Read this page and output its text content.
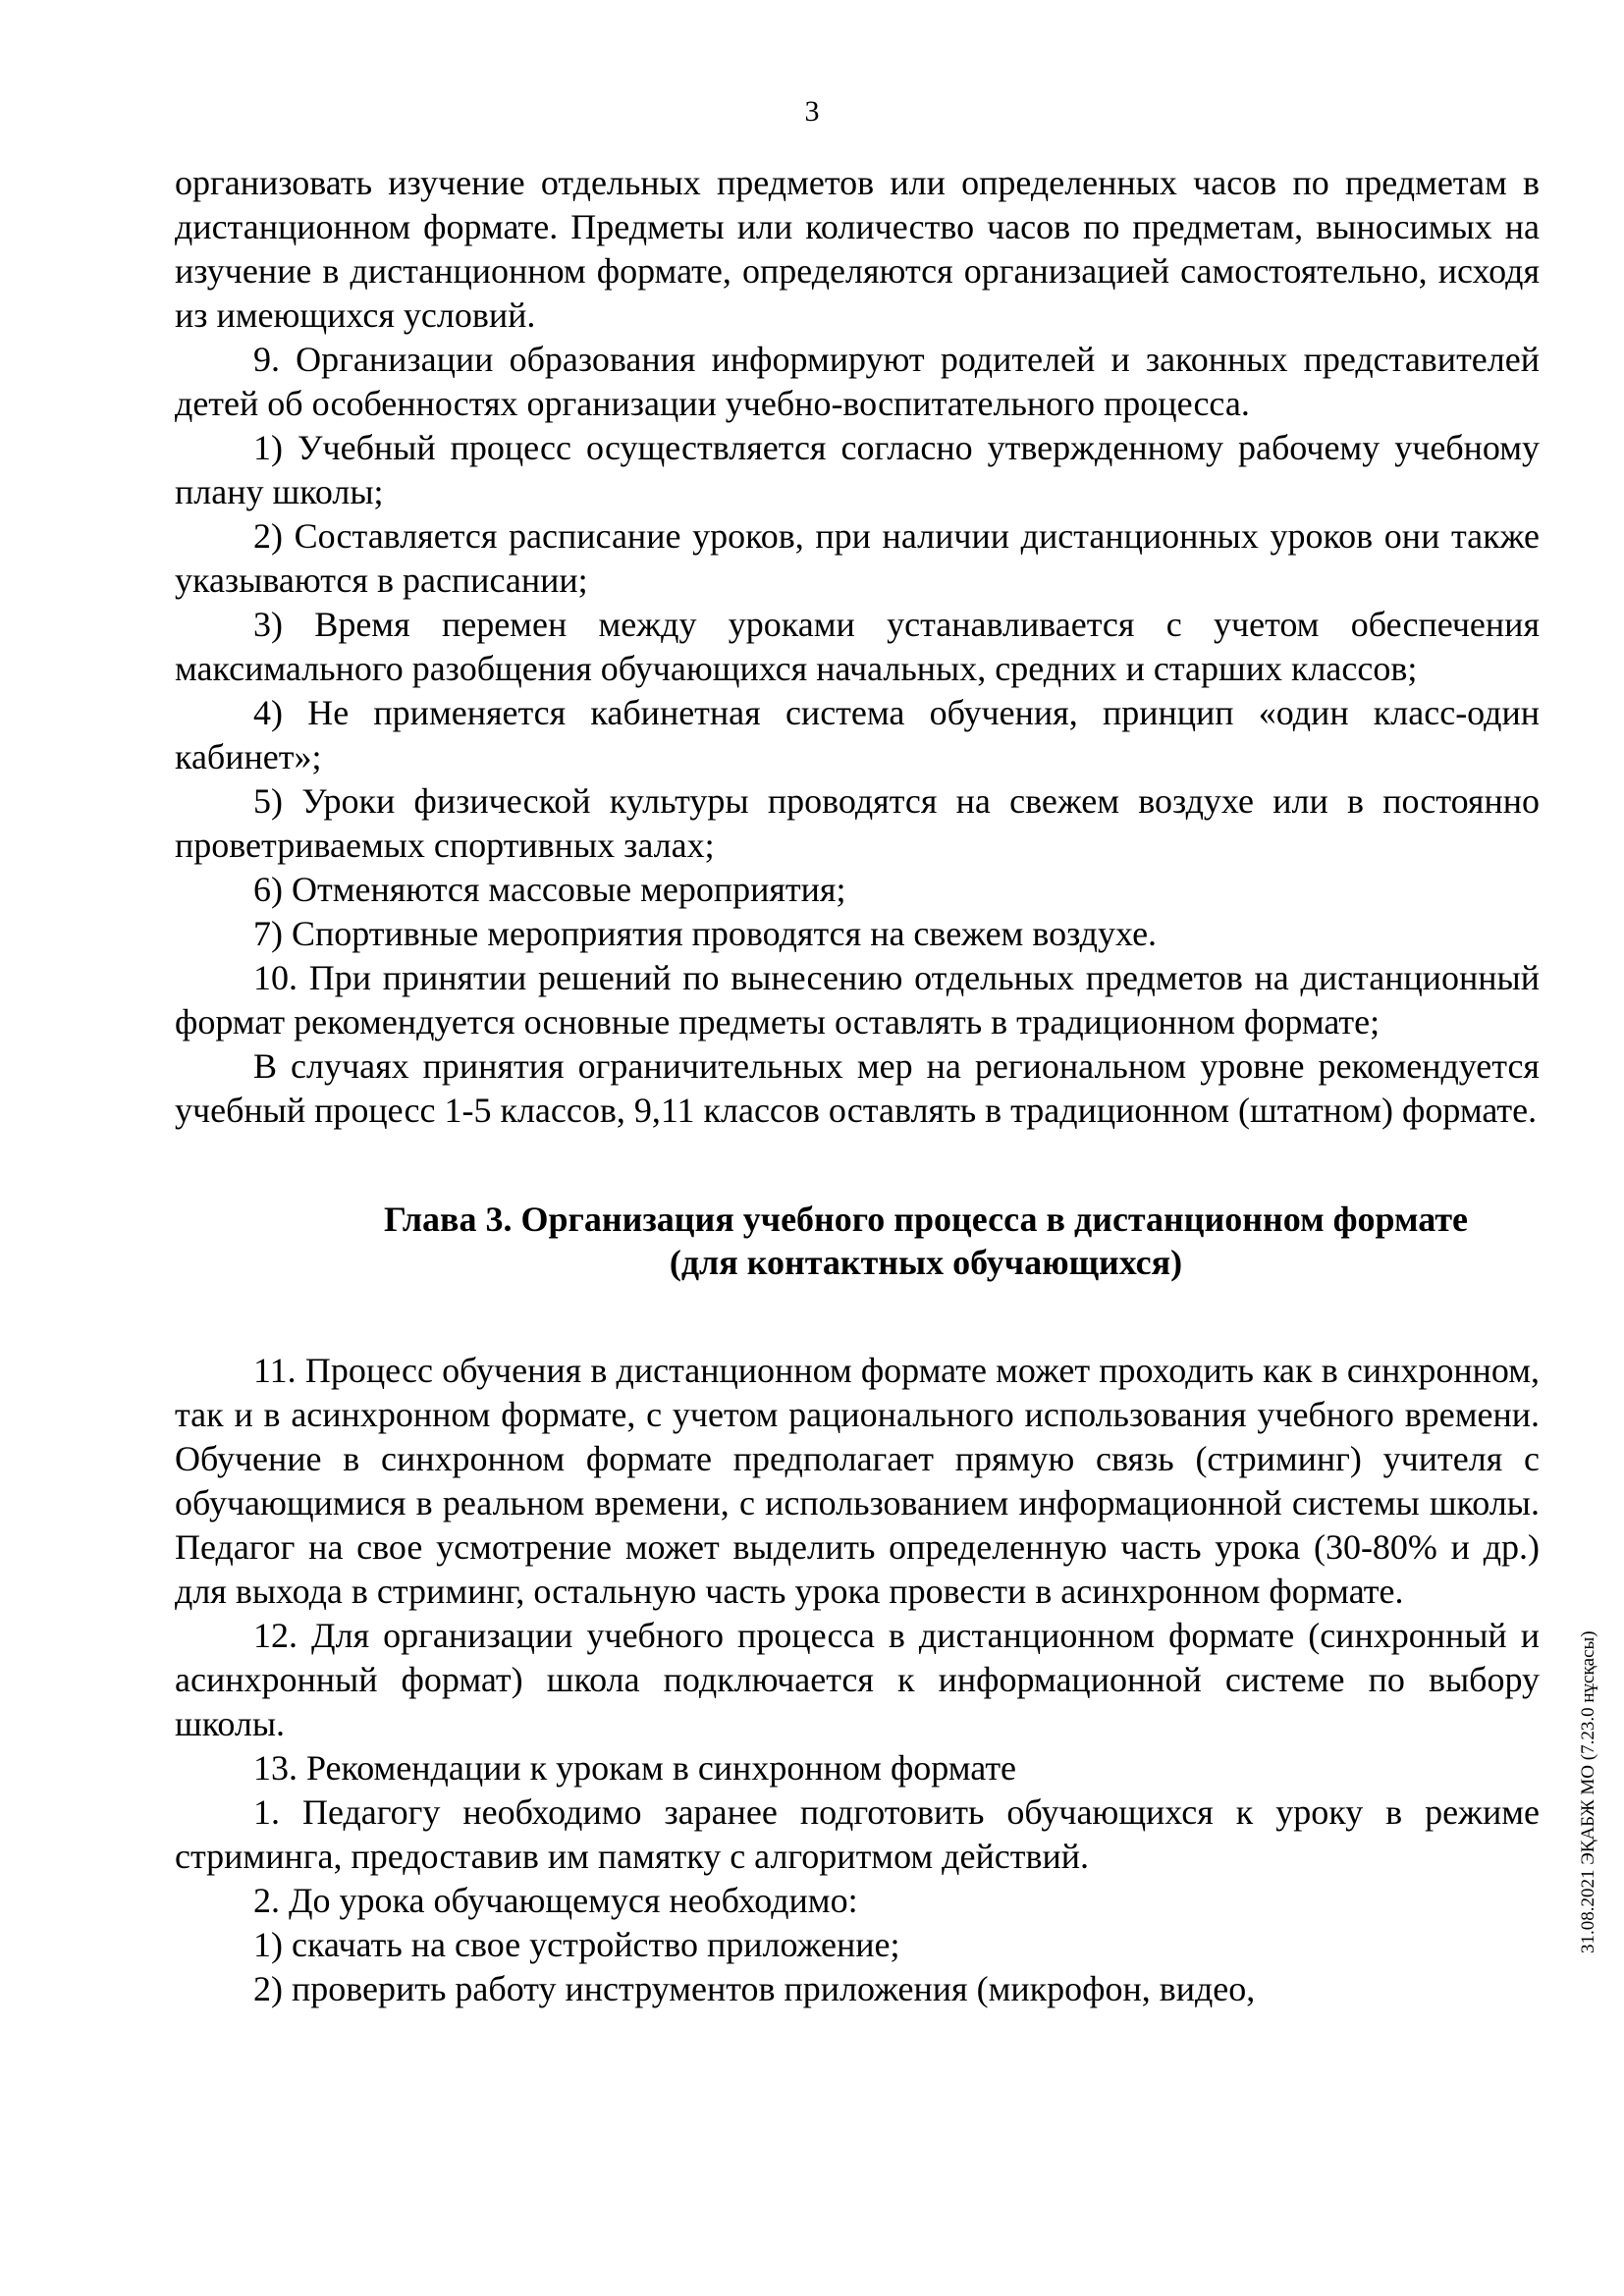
3

организовать изучение отдельных предметов или определенных часов по предметам в дистанционном формате. Предметы или количество часов по предметам, выносимых на изучение в дистанционном формате, определяются организацией самостоятельно, исходя из имеющихся условий.

9. Организации образования информируют родителей и законных представителей детей об особенностях организации учебно-воспитательного процесса.

1) Учебный процесс осуществляется согласно утвержденному рабочему учебному плану школы;

2) Составляется расписание уроков, при наличии дистанционных уроков они также указываются в расписании;

3) Время перемен между уроками устанавливается с учетом обеспечения максимального разобщения обучающихся начальных, средних и старших классов;

4) Не применяется кабинетная система обучения, принцип «один класс-один кабинет»;

5) Уроки физической культуры проводятся на свежем воздухе или в постоянно проветриваемых спортивных залах;

6) Отменяются массовые мероприятия;

7) Спортивные мероприятия проводятся на свежем воздухе.

10. При принятии решений по вынесению отдельных предметов на дистанционный формат рекомендуется основные предметы оставлять в традиционном формате;

В случаях принятия ограничительных мер на региональном уровне рекомендуется учебный процесс 1-5 классов, 9,11 классов оставлять в традиционном (штатном) формате.

Глава 3. Организация учебного процесса в дистанционном формате
(для контактных обучающихся)

11. Процесс обучения в дистанционном формате может проходить как в синхронном, так и в асинхронном формате, с учетом рационального использования учебного времени. Обучение в синхронном формате предполагает прямую связь (стриминг) учителя с обучающимися в реальном времени, с использованием информационной системы школы. Педагог на свое усмотрение может выделить определенную часть урока (30-80% и др.) для выхода в стриминг, остальную часть урока провести в асинхронном формате.

12. Для организации учебного процесса в дистанционном формате (синхронный и асинхронный формат) школа подключается к информационной системе по выбору школы.

13. Рекомендации к урокам в синхронном формате

1. Педагогу необходимо заранее подготовить обучающихся к уроку в режиме стриминга, предоставив им памятку с алгоритмом действий.

2. До урока обучающемуся необходимо:

1) скачать на свое устройство приложение;

2) проверить работу инструментов приложения (микрофон, видео,

31.08.2021 ЭҚАБЖ МО (7.23.0 нұсқасы)
